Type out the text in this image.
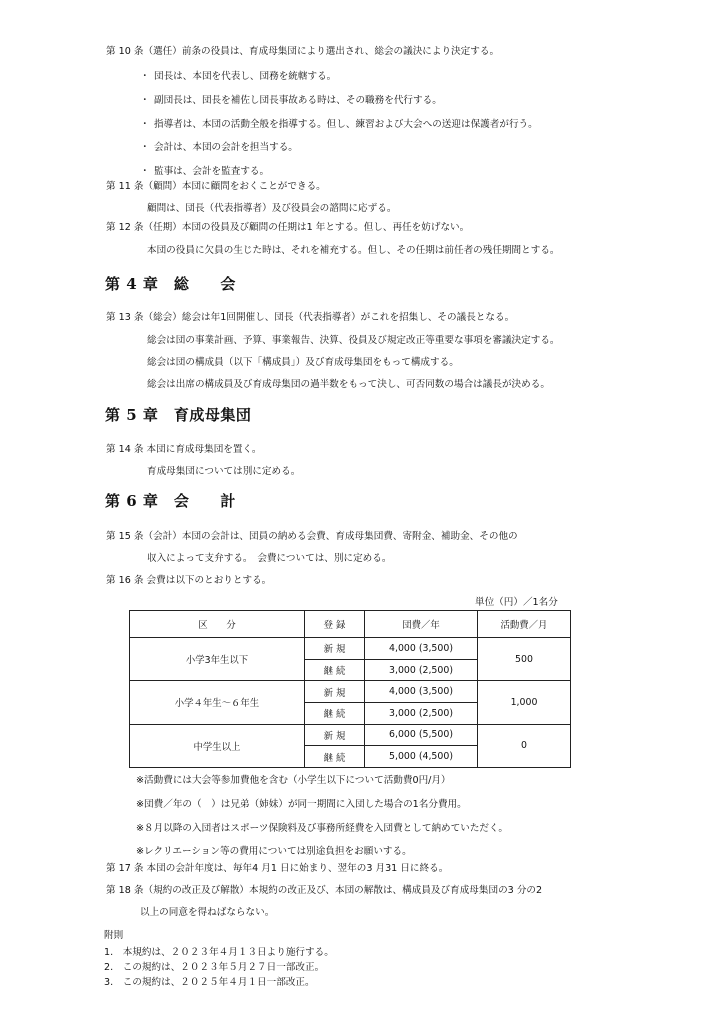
第 10 条（選任）前条の役員は、育成母集団により選出され、総会の議決により決定する。
・ 団長は、本団を代表し、団務を統轄する。
・ 副団長は、団長を補佐し団長事故ある時は、その職務を代行する。
・ 指導者は、本団の活動全般を指導する。但し、練習および大会への送迎は保護者が行う。
・ 会計は、本団の会計を担当する。
・ 監事は、会計を監査する。
第 11 条（顧問）本団に顧問をおくことができる。
顧問は、団長（代表指導者）及び役員会の諮問に応ずる。
第 12 条（任期）本団の役員及び顧問の任期は1 年とする。但し、再任を妨げない。
本団の役員に欠員の生じた時は、それを補充する。但し、その任期は前任者の残任期間とする。
第 4 章　総　　会
第 13 条（総会）総会は年1回開催し、団長（代表指導者）がこれを招集し、その議長となる。
総会は団の事業計画、予算、事業報告、決算、役員及び規定改正等重要な事項を審議決定する。
総会は団の構成員（以下「構成員」）及び育成母集団をもって構成する。
総会は出席の構成員及び育成母集団の過半数をもって決し、可否同数の場合は議長が決める。
第 5 章　育成母集団
第 14 条 本団に育成母集団を置く。
育成母集団については別に定める。
第 6 章　会　　計
第 15 条（会計）本団の会計は、団員の納める会費、育成母集団費、寄附金、補助金、その他の
収入によって支弁する。　会費については、別に定める。
第 16 条 会費は以下のとおりとする。
単位（円）／1名分
区　　分	登 録	団費／年	活動費／月
小学3年生以下	新 規	4,000 (3,500)	500
	継 続	3,000 (2,500)	
小学４年生～６年生	新 規	4,000 (3,500)	1,000
	継 続	3,000 (2,500)	
中学生以上	新 規	6,000 (5,500)	0
	継 続	5,000 (4,500)	
※活動費には大会等参加費他を含む（小学生以下について活動費0円/月）
※団費／年の（　）は兄弟（姉妹）が同一期間に入団した場合の1名分費用。
※８月以降の入団者はスポーツ保険料及び事務所経費を入団費として納めていただく。
※レクリエーション等の費用については別途負担をお願いする。
第 17 条 本団の会計年度は、毎年4 月1 日に始まり、翌年の3 月31 日に終る。
第 18 条（規約の改正及び解散）本規約の改正及び、本団の解散は、構成員及び育成母集団の3 分の2
以上の同意を得ねばならない。
附則
1.　本規約は、２０２３年４月１３日より施行する。
2.　この規約は、２０２３年５月２７日一部改正。
3.　この規約は、２０２５年４月１日一部改正。
